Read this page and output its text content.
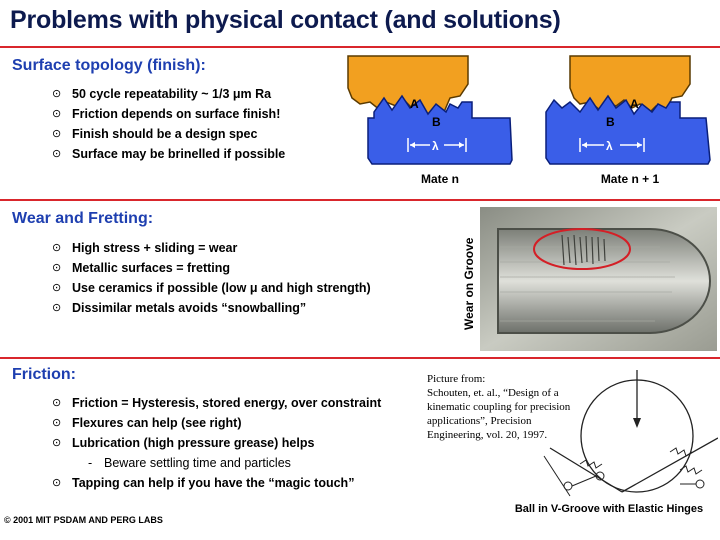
Problems with physical contact (and solutions)
Surface topology (finish):
⊙ 50 cycle repeatability ~ 1/3 μm Ra
⊙ Friction depends on surface finish!
⊙ Finish should be a design spec
⊙ Surface may be brinelled if possible
A
B
λ
A
B
λ
Mate n	Mate n + 1
Wear and Fretting:
⊙ High stress + sliding = wear
⊙ Metallic surfaces = fretting
⊙ Use ceramics if possible (low μ and high strength)
⊙ Dissimilar metals avoids “snowballing”	Wear on Groove
Friction:
⊙ Friction = Hysteresis, stored energy, over constraint
⊙ Flexures can help (see right)
⊙ Lubrication (high pressure grease) helps
- Beware settling time and particles
⊙ Tapping can help if you have the “magic touch”
Picture from:
Schouten, et. al., “Design of a
kinematic coupling for precision
applications”, Precision
Engineering, vol. 20, 1997.
Ball in V-Groove with Elastic Hinges
© 2001 MIT PSDAM AND PERG LABS
